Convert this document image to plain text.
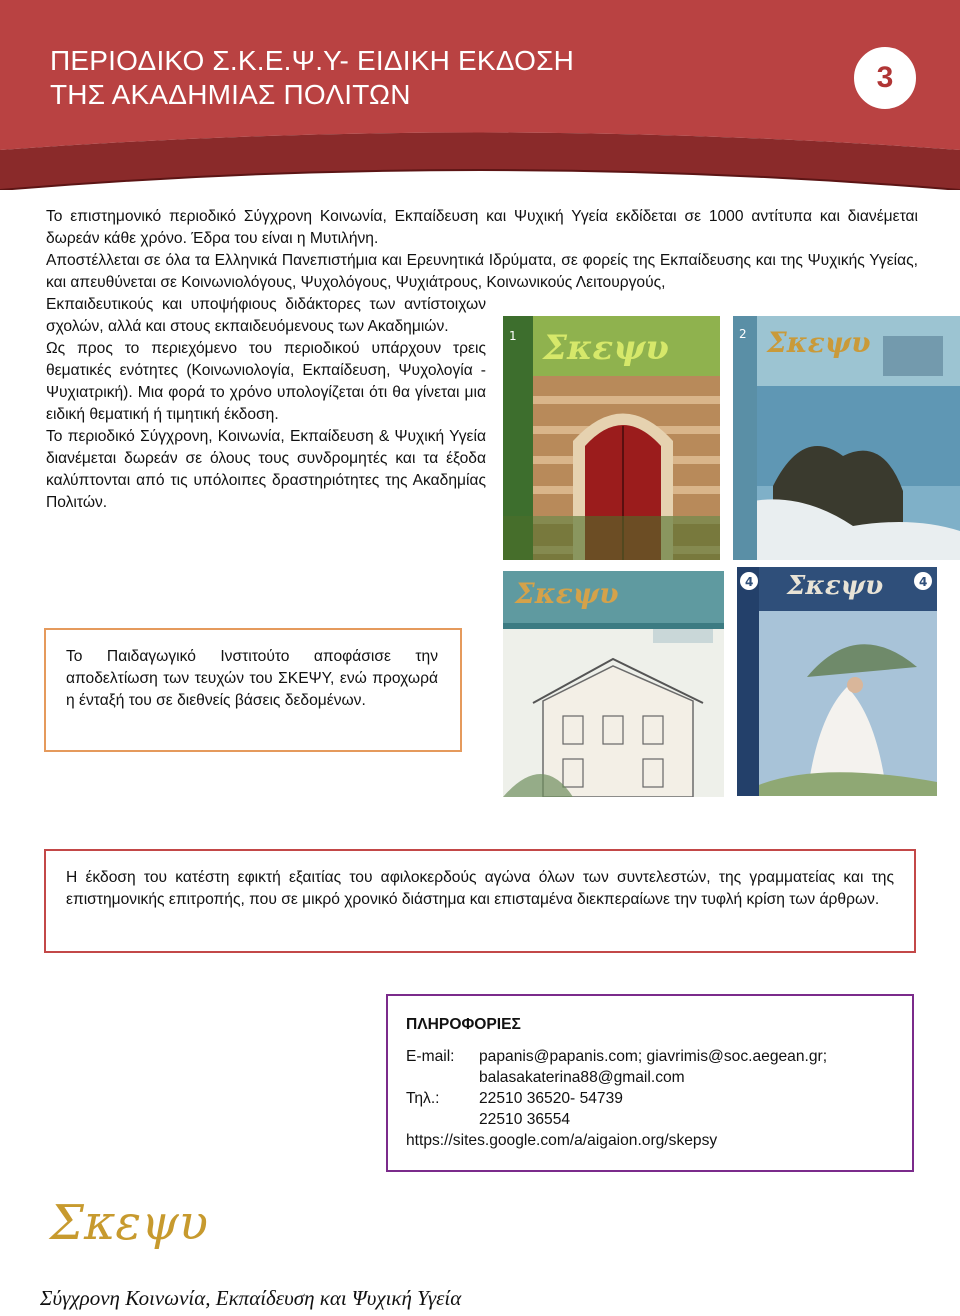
ΠΕΡΙΟΔΙΚΟ Σ.Κ.Ε.Ψ.Υ- ΕΙΔΙΚΗ ΕΚΔΟΣΗ
ΤΗΣ ΑΚΑΔΗΜΙΑΣ ΠΟΛΙΤΩΝ
3
Το επιστημονικό περιοδικό Σύγχρονη Κοινωνία, Εκπαίδευση και Ψυχική Υγεία εκδίδεται σε 1000 αντίτυπα και διανέμεται δωρεάν κάθε χρόνο. Έδρα του είναι η Μυτιλήνη.
Αποστέλλεται σε όλα τα Ελληνικά Πανεπιστήμια και Ερευνητικά Ιδρύματα, σε φορείς της Εκπαίδευσης και της Ψυχικής Υγείας, και απευθύνεται σε Κοινωνιολόγους, Ψυχολόγους, Ψυχιάτρους, Κοινωνικούς Λειτουργούς,

Εκπαιδευτικούς και υποψήφιους διδάκτορες των αντίστοιχων σχολών, αλλά και στους εκπαιδευόμενους των Ακαδημιών.

Ως προς το περιεχόμενο του περιοδικού υπάρχουν τρεις θεματικές ενότητες (Κοινωνιολογία, Εκπαίδευση, Ψυχολογία - Ψυχιατρική). Μια φορά το χρόνο υπολογίζεται ότι θα γίνεται μια ειδική θεματική ή τιμητική έκδοση.

Το περιοδικό Σύγχρονη, Κοινωνία, Εκπαίδευση & Ψυχική Υγεία διανέμεται δωρεάν σε όλους τους συνδρομητές και τα έξοδα καλύπτονται από τις υπόλοιπες δραστηριότητες της Ακαδημίας Πολιτών.

1 Σκεψυ	2 Σκεψυ
Σκεψυ	4	4
Σκεψυ

Το Παιδαγωγικό Ινστιτούτο αποφάσισε την αποδελτίωση των τευχών του ΣΚΕΨΥ, ενώ προχωρά η ένταξή του σε διεθνείς βάσεις δεδομένων.

Η έκδοση του κατέστη εφικτή εξαιτίας του αφιλοκερδούς αγώνα όλων των συντελεστών, της γραμματείας και της επιστημονικής επιτροπής, που σε μικρό χρονικό διάστημα και επισταμένα διεκπεραίωνε την τυφλή κρίση των άρθρων.

ΠΛΗΡΟΦΟΡΙΕΣ
E-mail: papanis@papanis.com; giavrimis@soc.aegean.gr;
balasakaterina88@gmail.com
Τηλ.:	22510 36520- 54739
22510 36554
https://sites.google.com/a/aigaion.org/skepsy
Σκεψυ
Σύγχρονη Κοινωνία, Εκπαίδευση και Ψυχική Υγεία
